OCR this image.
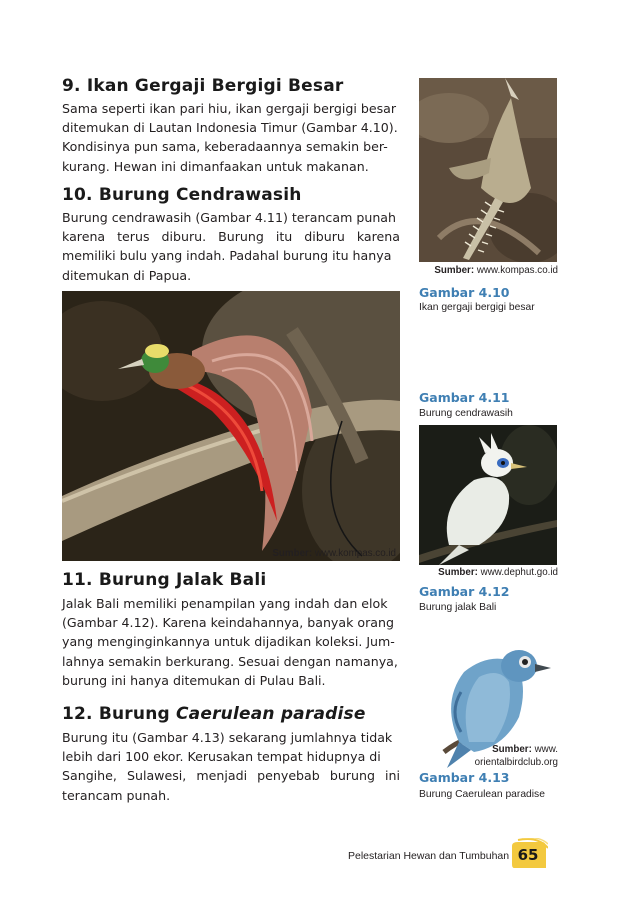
9. Ikan Gergaji Bergigi Besar
Sama seperti ikan pari hiu, ikan gergaji bergigi besar
ditemukan di Lautan Indonesia Timur (Gambar 4.10).
Kondisinya pun sama, keberadaannya semakin ber-
kurang. Hewan ini dimanfaakan untuk makanan.
10. Burung Cendrawasih
Burung cendrawasih (Gambar 4.11) terancam punah
karena terus diburu. Burung itu diburu karena
memiliki bulu yang indah. Padahal burung itu hanya
ditemukan di Papua.	Sumber: www.kompas.co.id
Gambar 4.10
Ikan gergaji bergigi besar
Sumber: www.kompas.co.id
Gambar 4.11
Burung cendrawasih
Sumber: www.dephut.go.id
Gambar 4.12
Burung jalak Bali
11. Burung Jalak Bali
Jalak Bali memiliki penampilan yang indah dan elok
(Gambar 4.12). Karena keindahannya, banyak orang
yang menginginkannya untuk dijadikan koleksi. Jum-
lahnya semakin berkurang. Sesuai dengan namanya,
burung ini hanya ditemukan di Pulau Bali.
Sumber: www.
orientalbirdclub.org
Gambar 4.13
Burung Caerulean paradise
12. Burung Caerulean paradise
Burung itu (Gambar 4.13) sekarang jumlahnya tidak
lebih dari 100 ekor. Kerusakan tempat hidupnya di
Sangihe, Sulawesi, menjadi penyebab burung ini
terancam punah.
Pelestarian Hewan dan Tumbuhan 65
